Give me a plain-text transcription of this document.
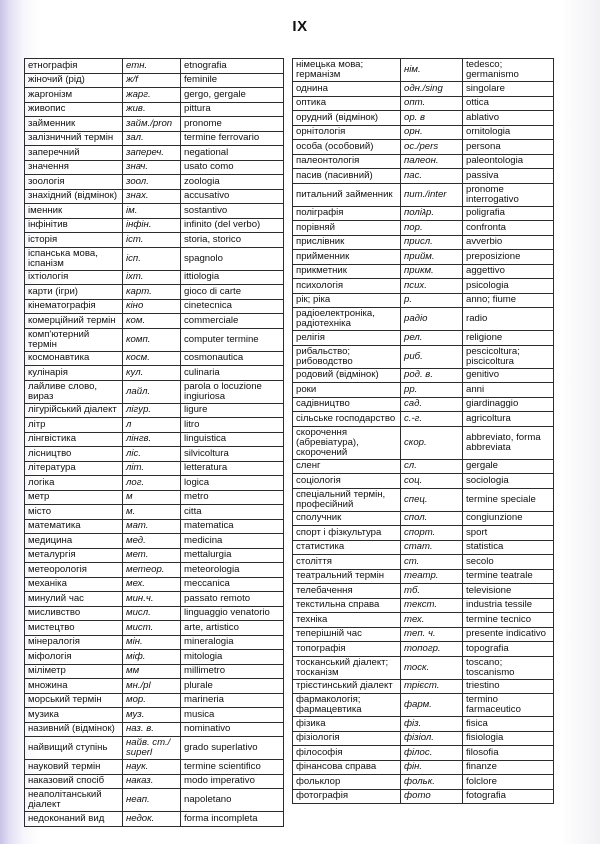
IX
етнографія	етн.	etnografia
жіночий (рід)	ж/f	feminile
жаргонізм	жарг.	gergo, gergale
живопис	жив.	pittura
займенник	займ./pron	pronome
залізничний термін	зал.	termine ferrovario
заперечний	запереч.	negational
значення	знач.	usato como
зоологія	зоол.	zoologia
знахідний (відмінок)	знах.	accusativo
іменник	ім.	sostantivo
інфінітив	інфін.	infinito (del verbo)
історія	іст.	storia, storico
іспанська мова, іспанізм	ісп.	spagnolo
іхтіологія	іхт.	ittiologia
карти (ігри)	карт.	gioco di carte
кінематографія	кіно	cinetecnica
комерційний термін	ком.	commerciale
комп'ютерний термін	комп.	computer termine
космонавтика	косм.	cosmonautica
кулінарія	кул.	culinaria
лайливе слово, вираз	лайл.	parola o locuzione ingiuriosa
лігурійський діалект	лігур.	ligure
літр	л	litro
лінгвістика	лінгв.	linguistica
лісництво	ліс.	silvicoltura
література	літ.	letteratura
логіка	лог.	logica
метр	м	metro
місто	м.	citta
математика	мат.	matematica
медицина	мед.	medicina
металургія	мет.	mettalurgia
метеорологія	метеор.	meteorologia
механіка	мех.	meccanica
минулий час	мин.ч.	passato remoto
мисливство	мисл.	linguaggio venatorio
мистецтво	мист.	arte, artistico
мінералогія	мін.	mineralogia
міфологія	міф.	mitologia
міліметр	мм	millimetro
множина	мн./pl	plurale
морський термін	мор.	marineria
музика	муз.	musica
називний (відмінок)	наз. в.	nominativo
найвищий ступінь	найв. ст./ superl	grado superlativo
науковий термін	наук.	termine scientifico
наказовий спосіб	наказ.	modo imperativo
неаполітанський діалект	неап.	napoletano
недоконаний вид	недок.	forma incompleta
німецька мова; германізм	нім.	tedesco; germanismo
однина	одн./sing	singolare
оптика	опт.	ottica
орудний (відмінок)	ор. в	ablativo
орнітологія	орн.	ornitologia
особа (особовий)	ос./pers	persona
палеонтологія	палеон.	paleontologia
пасив (пасивний)	пас.	passiva
питальний займенник	пит./inter	pronome interrogativo
поліграфія	поліגр.	poligrafia
порівняй	пор.	confronta
прислівник	присл.	avverbio
прийменник	прийм.	preposizione
прикметник	прикм.	aggettivo
психологія	псих.	psicologia
рік; ріка	р.	anno; fiume
радіоелектроніка, радіотехніка	радіо	radio
релігія	рел.	religione
рибальство; рибоводство	риб.	pescicoltura; piscicoltura
родовий (відмінок)	род. в.	genitivo
роки	рр.	anni
садівництво	сад.	giardinaggio
сільське господарство	с.-г.	agricoltura
скорочення (абревіатура), скорочений	скор.	abbreviato, forma abbreviata
сленг	сл.	gergale
соціологія	соц.	sociologia
спеціальний термін, професійний	спец.	termine speciale
сполучник	спол.	congiunzione
спорт і фізкультура	спорт.	sport
статистика	стат.	statistica
століття	ст.	secolo
театральний термін	театр.	termine teatrale
телебачення	тб.	televisione
текстильна справа	текст.	industria tessile
техніка	тех.	termine tecnico
теперішній час	теп. ч.	presente indicativo
топографія	топогр.	topografia
тосканський діалект; тосканізм	тоск.	toscano; toscanismo
трієстинський діалект	трієст.	triestino
фармакологія; фармацевтика	фарм.	termino farmaceutico
фізика	фіз.	fisica
фізіологія	фізіол.	fisiologia
філософія	філос.	filosofia
фінансова справа	фін.	finanze
фольклор	фольк.	folclore
фотографія	фото	fotografia
